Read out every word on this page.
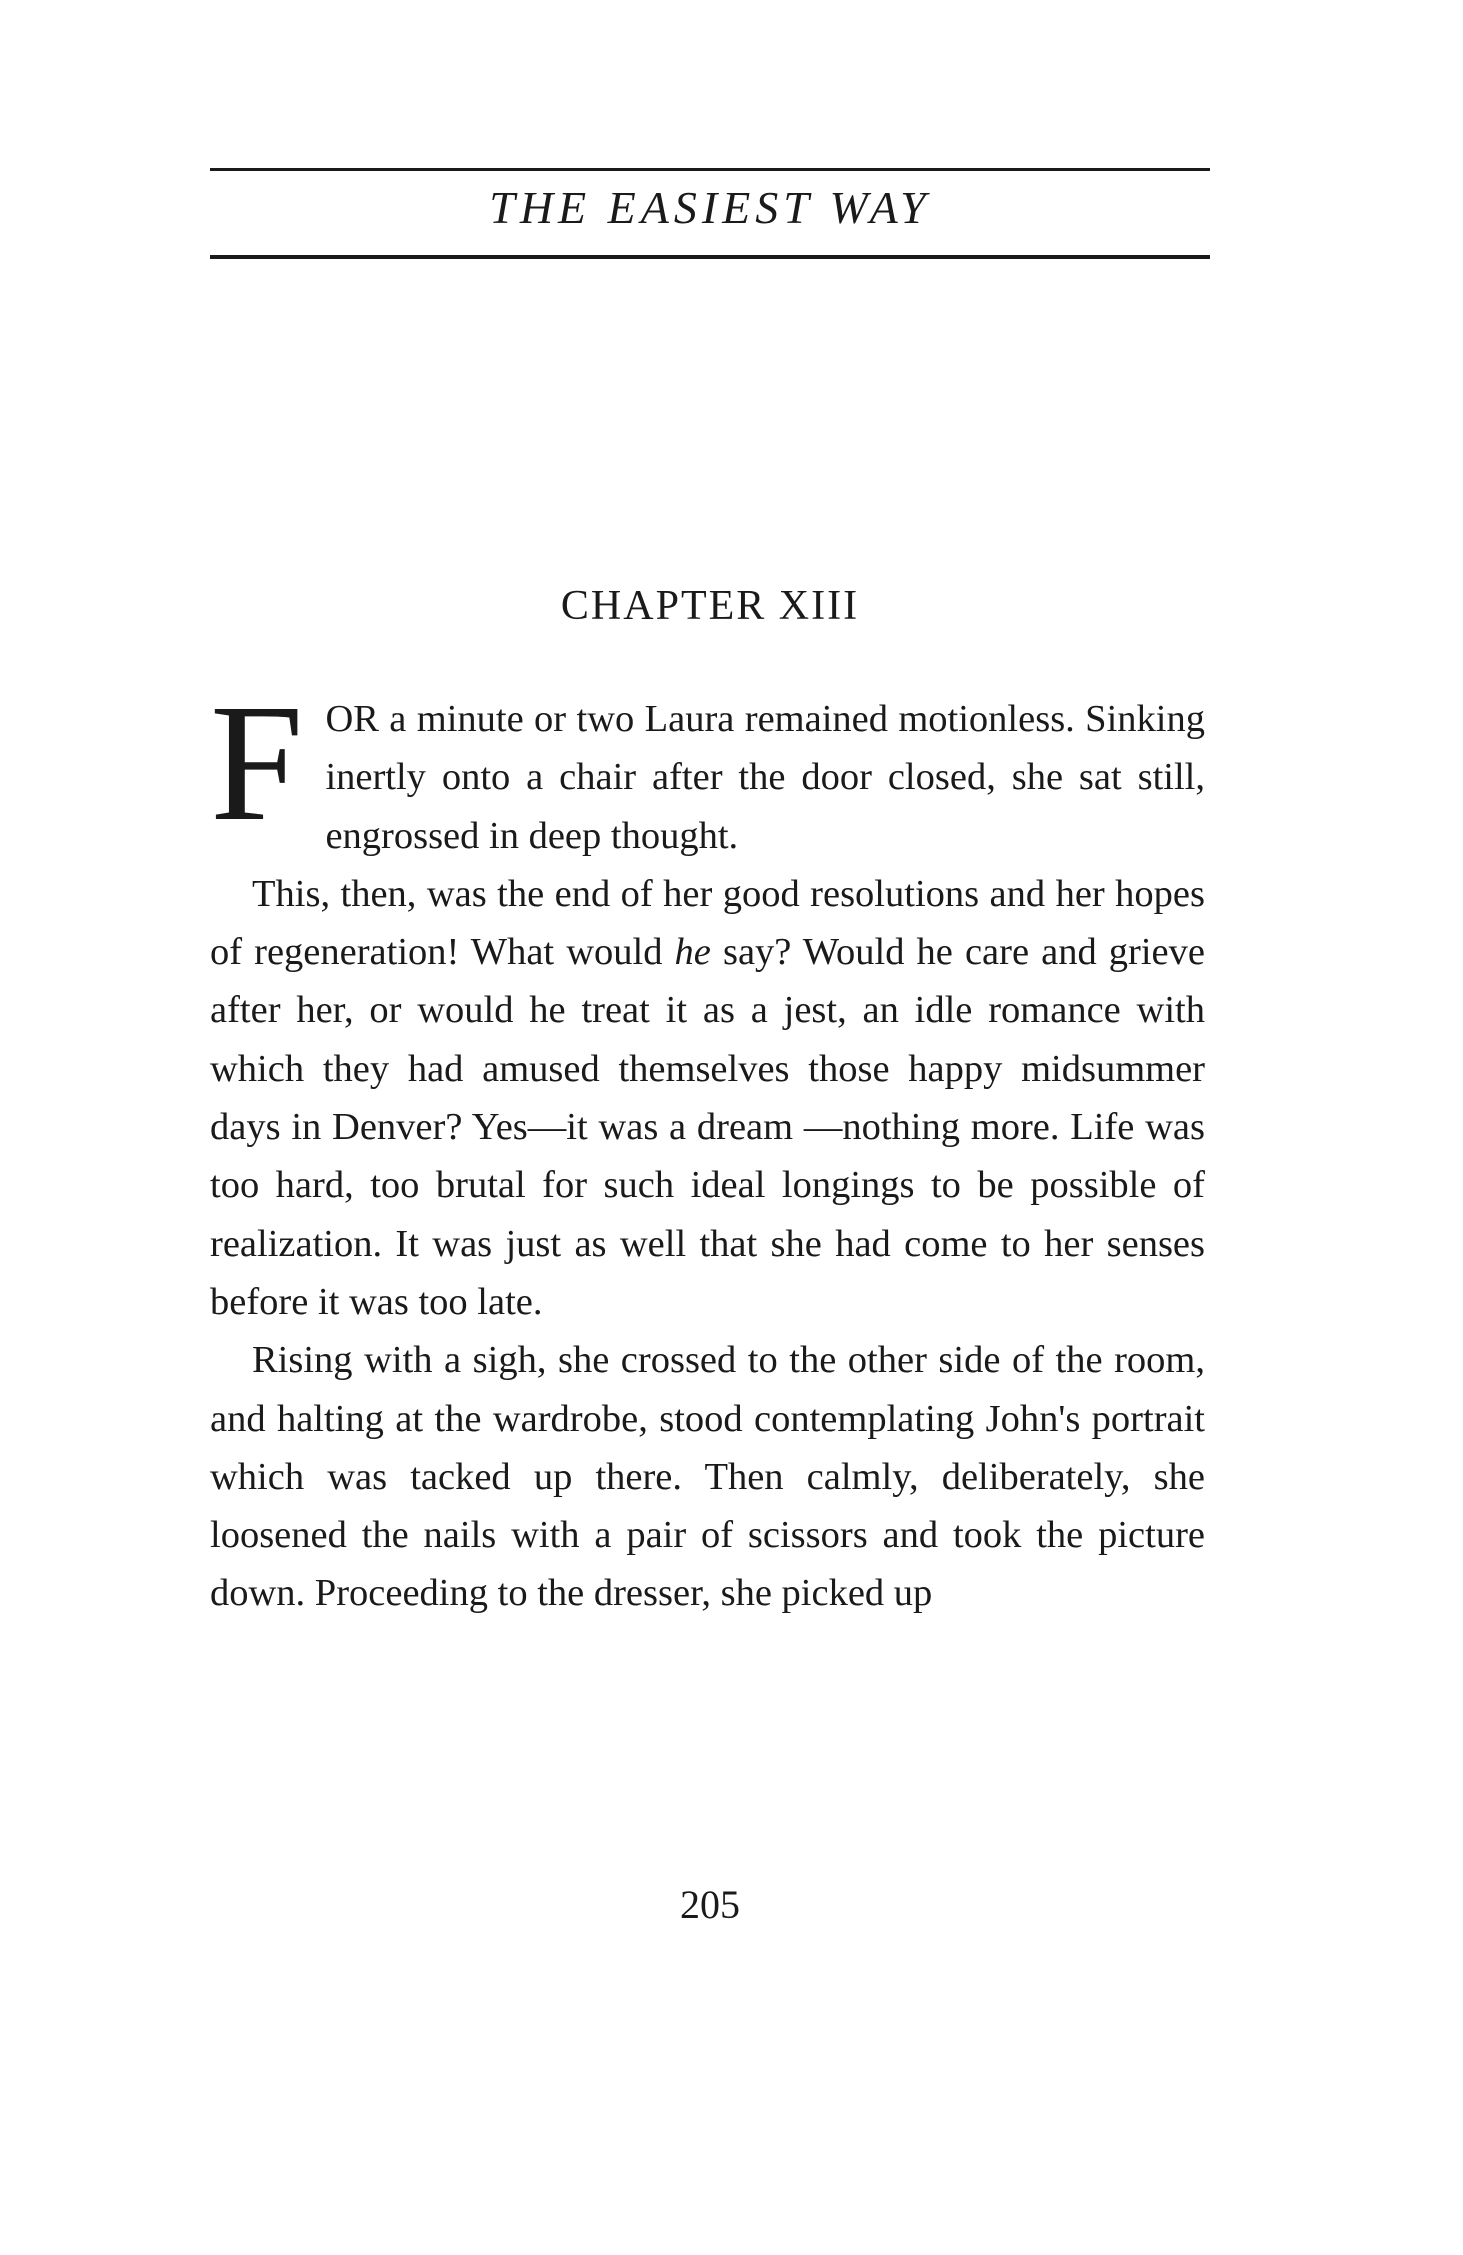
THE EASIEST WAY
CHAPTER XIII

FOR a minute or two Laura remained motionless. Sinking inertly onto a chair after the door closed, she sat still, engrossed in deep thought.

This, then, was the end of her good resolutions and her hopes of regeneration! What would he say? Would he care and grieve after her, or would he treat it as a jest, an idle romance with which they had amused themselves those happy midsummer days in Denver? Yes—it was a dream —nothing more. Life was too hard, too brutal for such ideal longings to be possible of realization. It was just as well that she had come to her senses before it was too late.

Rising with a sigh, she crossed to the other side of the room, and halting at the wardrobe, stood contemplating John's portrait which was tacked up there. Then calmly, deliberately, she loosened the nails with a pair of scissors and took the picture down. Proceeding to the dresser, she picked up

205
